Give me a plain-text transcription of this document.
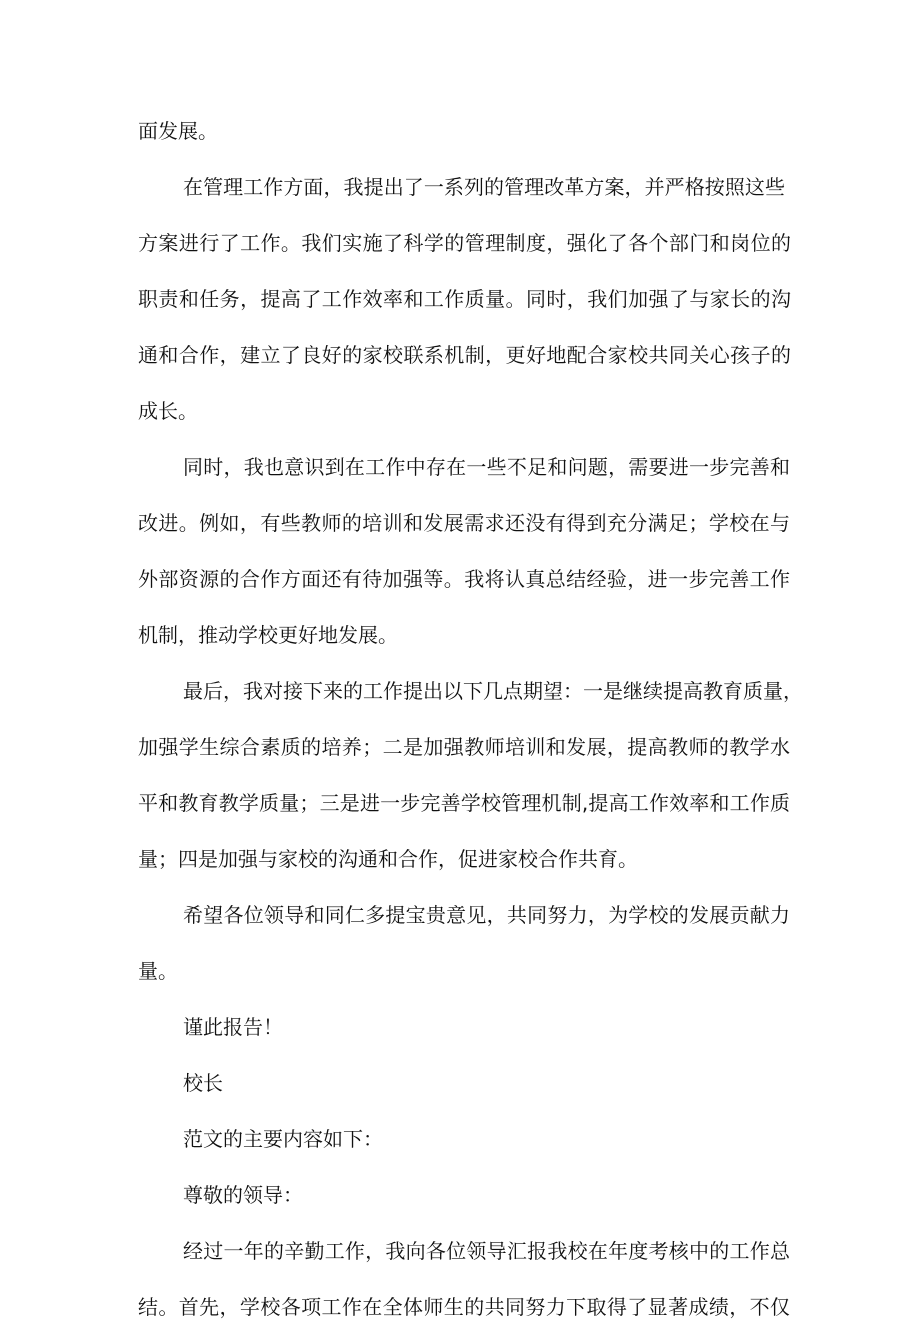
面发展。
在管理工作方面，我提出了一系列的管理改革方案，并严格按照这些
方案进行了工作。我们实施了科学的管理制度，强化了各个部门和岗位的
职责和任务，提高了工作效率和工作质量。同时，我们加强了与家长的沟
通和合作，建立了良好的家校联系机制，更好地配合家校共同关心孩子的
成长。
同时，我也意识到在工作中存在一些不足和问题，需要进一步完善和
改进。例如，有些教师的培训和发展需求还没有得到充分满足；学校在与
外部资源的合作方面还有待加强等。我将认真总结经验，进一步完善工作
机制，推动学校更好地发展。
最后，我对接下来的工作提出以下几点期望：一是继续提高教育质量，
加强学生综合素质的培养；二是加强教师培训和发展，提高教师的教学水
平和教育教学质量；三是进一步完善学校管理机制,提高工作效率和工作质
量；四是加强与家校的沟通和合作，促进家校合作共育。
希望各位领导和同仁多提宝贵意见，共同努力，为学校的发展贡献力
量。
谨此报告！
校长
范文的主要内容如下：
尊敬的领导：
经过一年的辛勤工作，我向各位领导汇报我校在年度考核中的工作总
结。首先，学校各项工作在全体师生的共同努力下取得了显著成绩，不仅
